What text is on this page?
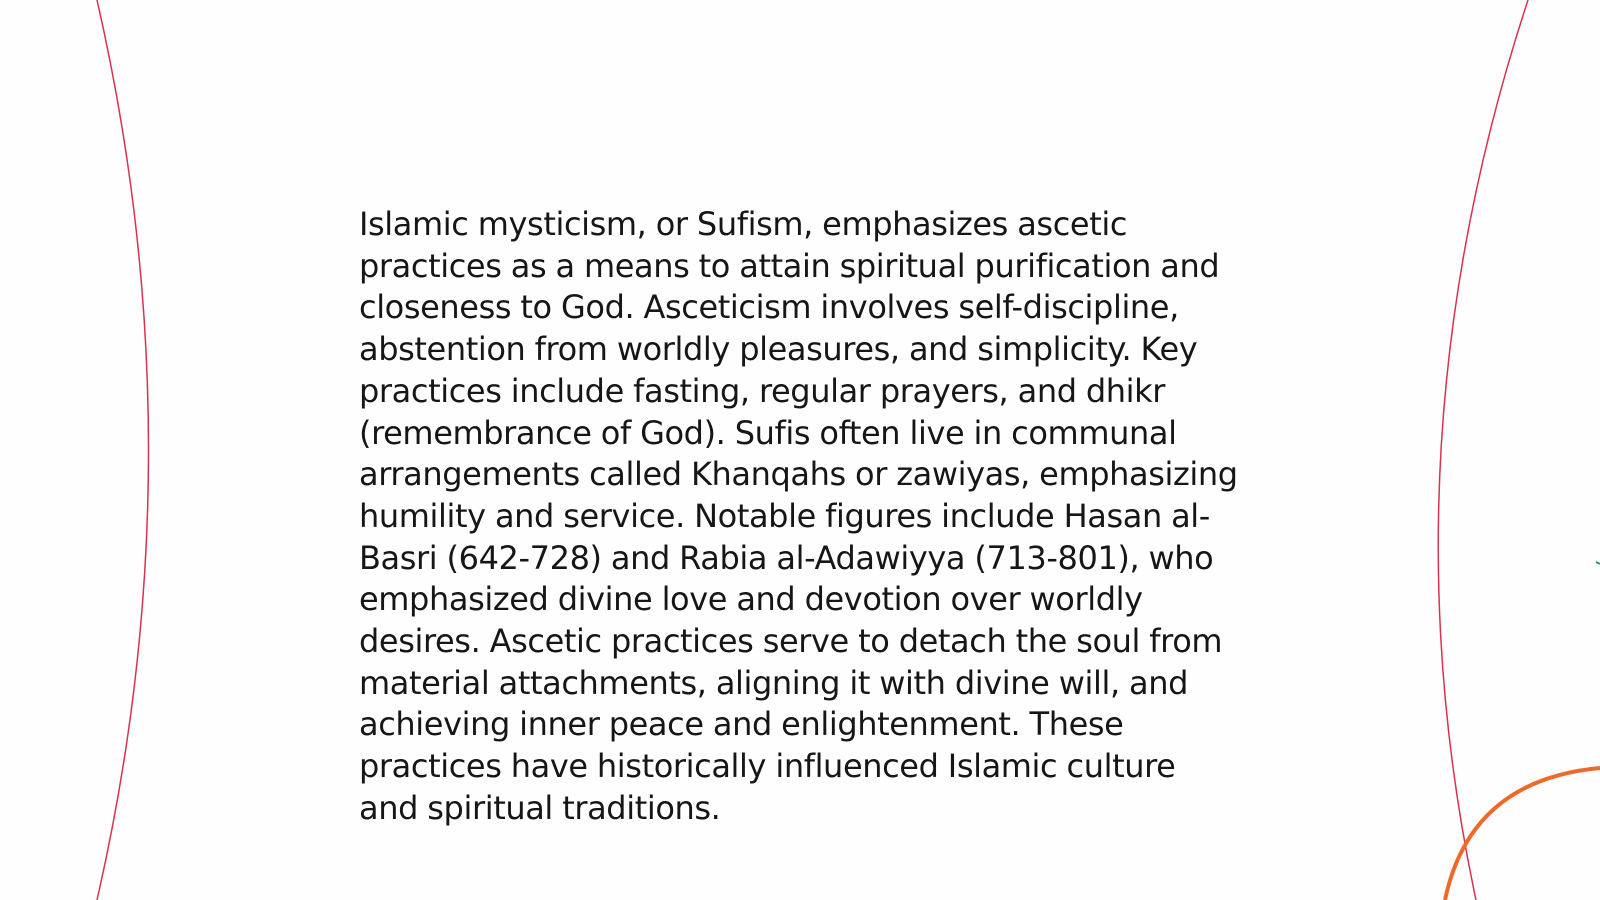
Islamic mysticism, or Sufism, emphasizes ascetic practices as a means to attain spiritual purification and closeness to God. Asceticism involves self-discipline, abstention from worldly pleasures, and simplicity. Key practices include fasting, regular prayers, and dhikr (remembrance of God). Sufis often live in communal arrangements called Khanqahs or zawiyas, emphasizing humility and service. Notable figures include Hasan al-Basri (642-728) and Rabia al-Adawiyya (713-801), who emphasized divine love and devotion over worldly desires. Ascetic practices serve to detach the soul from material attachments, aligning it with divine will, and achieving inner peace and enlightenment. These practices have historically influenced Islamic culture and spiritual traditions.
